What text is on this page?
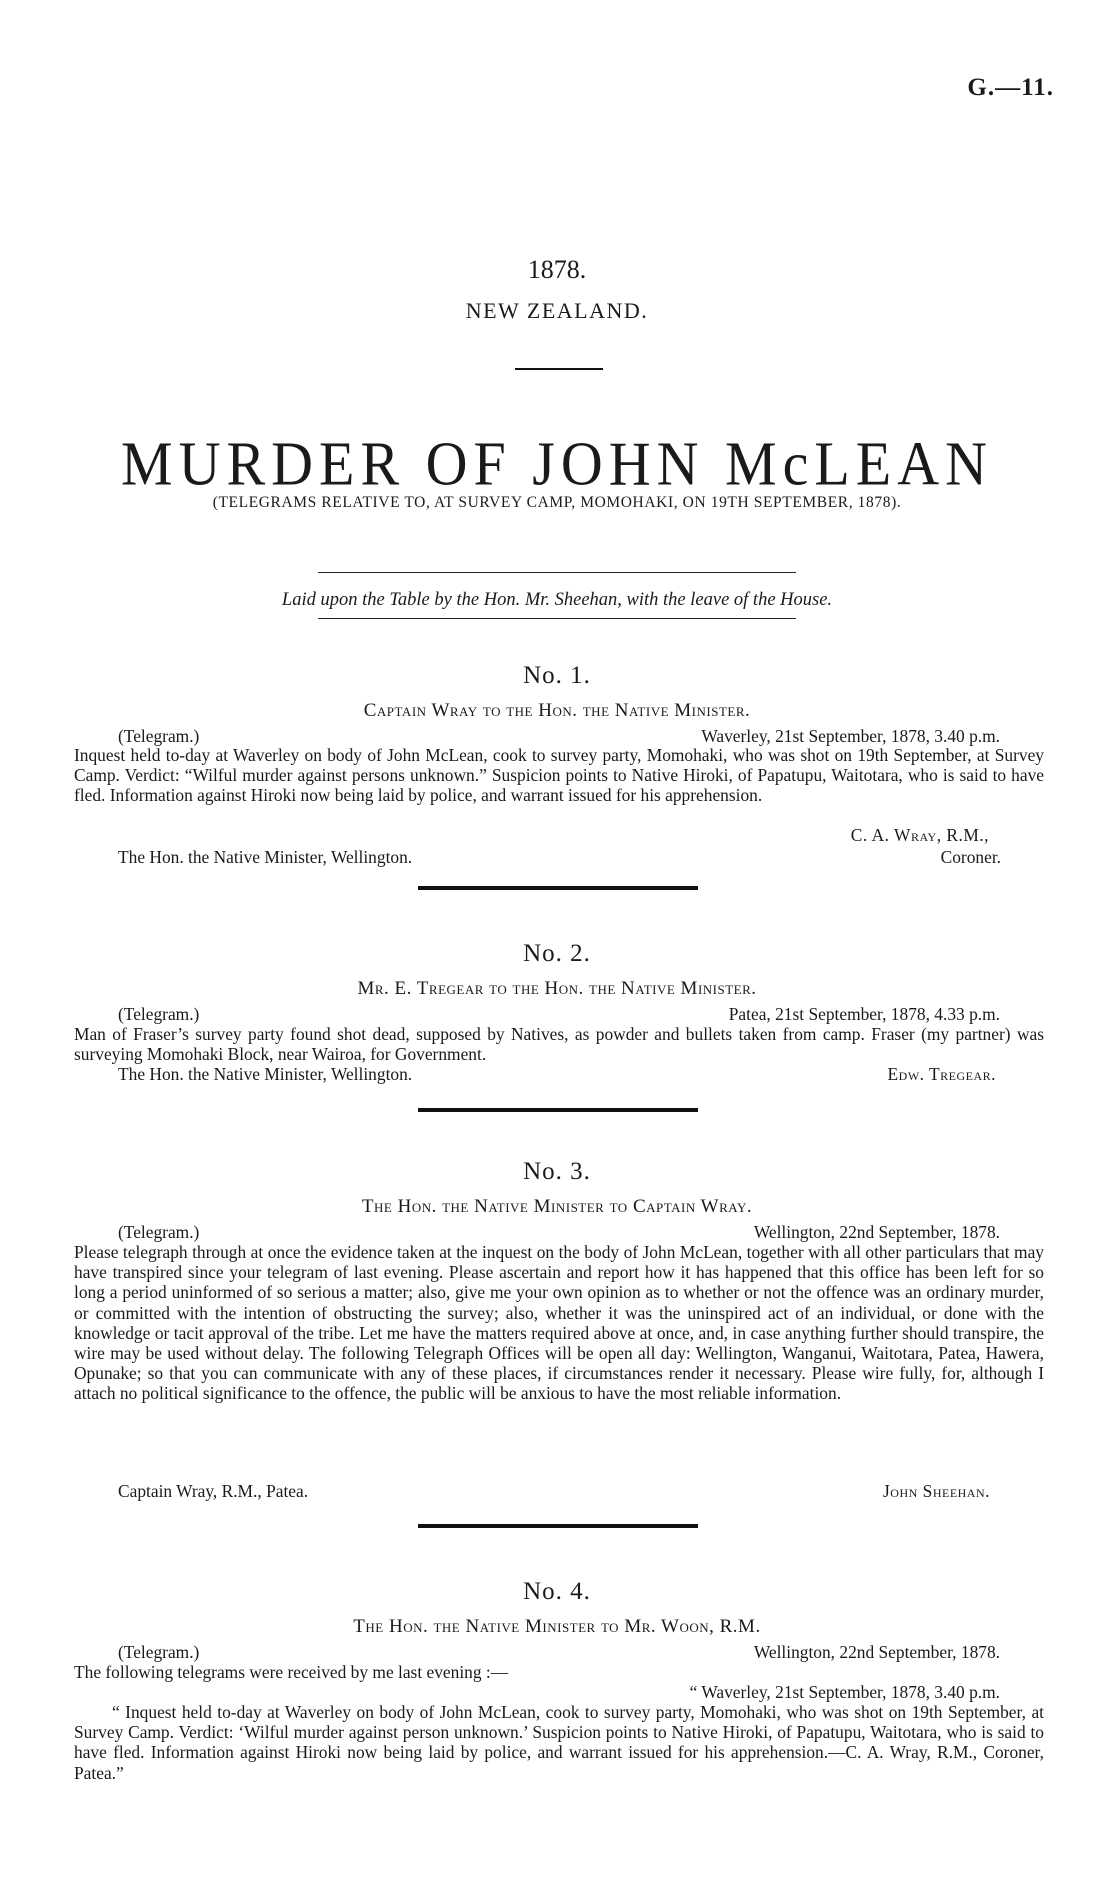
G.—11.
1878.
NEW ZEALAND.
MURDER OF JOHN McLEAN
(TELEGRAMS RELATIVE TO, AT SURVEY CAMP, MOMOHAKI, ON 19TH SEPTEMBER, 1878).
Laid upon the Table by the Hon. Mr. Sheehan, with the leave of the House.
No. 1.
Captain Wray to the Hon. the Native Minister.
(Telegram.)	Waverley, 21st September, 1878, 3.40 p.m.
Inquest held to-day at Waverley on body of John McLean, cook to survey party, Momohaki, who was shot on 19th September, at Survey Camp. Verdict: “Wilful murder against persons unknown.” Suspicion points to Native Hiroki, of Papatupu, Waitotara, who is said to have fled. Information against Hiroki now being laid by police, and warrant issued for his apprehension.
C. A. Wray, R.M.,
The Hon. the Native Minister, Wellington.	Coroner.
No. 2.
Mr. E. Tregear to the Hon. the Native Minister.
(Telegram.)	Patea, 21st September, 1878, 4.33 p.m.
Man of Fraser’s survey party found shot dead, supposed by Natives, as powder and bullets taken from camp. Fraser (my partner) was surveying Momohaki Block, near Wairoa, for Government.
The Hon. the Native Minister, Wellington.	Edw. Tregear.
No. 3.
The Hon. the Native Minister to Captain Wray.
(Telegram.)	Wellington, 22nd September, 1878.
Please telegraph through at once the evidence taken at the inquest on the body of John McLean, together with all other particulars that may have transpired since your telegram of last evening. Please ascertain and report how it has happened that this office has been left for so long a period uninformed of so serious a matter; also, give me your own opinion as to whether or not the offence was an ordinary murder, or committed with the intention of obstructing the survey; also, whether it was the uninspired act of an individual, or done with the knowledge or tacit approval of the tribe. Let me have the matters required above at once, and, in case anything further should transpire, the wire may be used without delay. The following Telegraph Offices will be open all day: Wellington, Wanganui, Waitotara, Patea, Hawera, Opunake; so that you can communicate with any of these places, if circumstances render it necessary. Please wire fully, for, although I attach no political significance to the offence, the public will be anxious to have the most reliable information.
Captain Wray, R.M., Patea.	John Sheehan.
No. 4.
The Hon. the Native Minister to Mr. Woon, R.M.
(Telegram.)	Wellington, 22nd September, 1878.
The following telegrams were received by me last evening :—
“ Waverley, 21st September, 1878, 3.40 p.m.
“ Inquest held to-day at Waverley on body of John McLean, cook to survey party, Momohaki, who was shot on 19th September, at Survey Camp. Verdict: ‘Wilful murder against person unknown.’ Suspicion points to Native Hiroki, of Papatupu, Waitotara, who is said to have fled. Information against Hiroki now being laid by police, and warrant issued for his apprehension.—C. A. Wray, R.M., Coroner, Patea.”
